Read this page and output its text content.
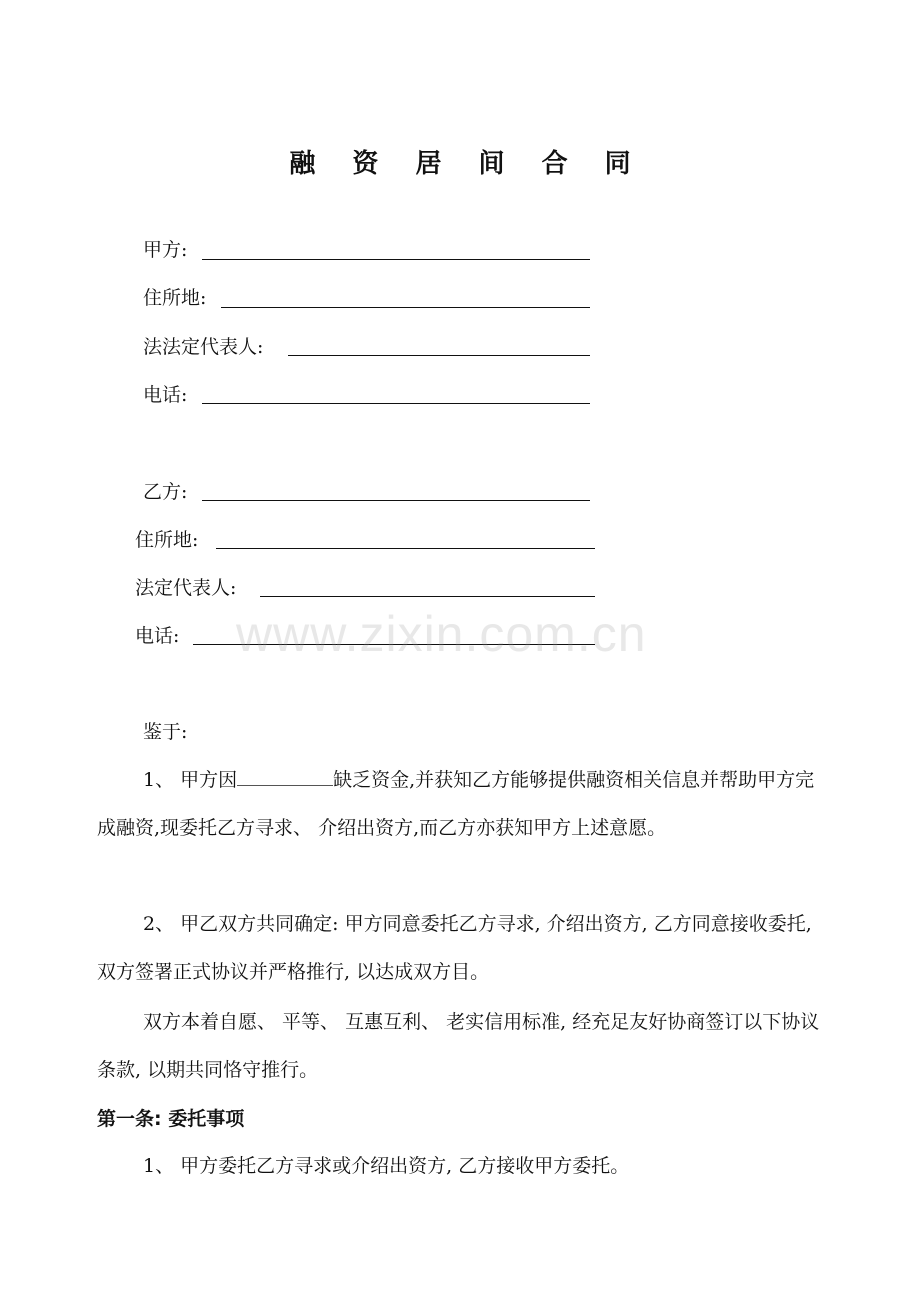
融 资 居 间 合 同
甲方:
住所地:
法法定代表人:
电话:
乙方:
住所地:
法定代表人:
电话: www.zixin.com.cn
鉴于:
1、 甲方因	缺乏资金,并获知乙方能够提供融资相关信息并帮助甲方完成融资,现委托乙方寻求、 介绍出资方,而乙方亦获知甲方上述意愿。
2、 甲乙双方共同确定: 甲方同意委托乙方寻求, 介绍出资方, 乙方同意接收委托, 双方签署正式协议并严格推行, 以达成双方目。
双方本着自愿、 平等、 互惠互利、 老实信用标准, 经充足友好协商签订以下协议条款, 以期共同恪守推行。
第一条: 委托事项
1、 甲方委托乙方寻求或介绍出资方, 乙方接收甲方委托。
